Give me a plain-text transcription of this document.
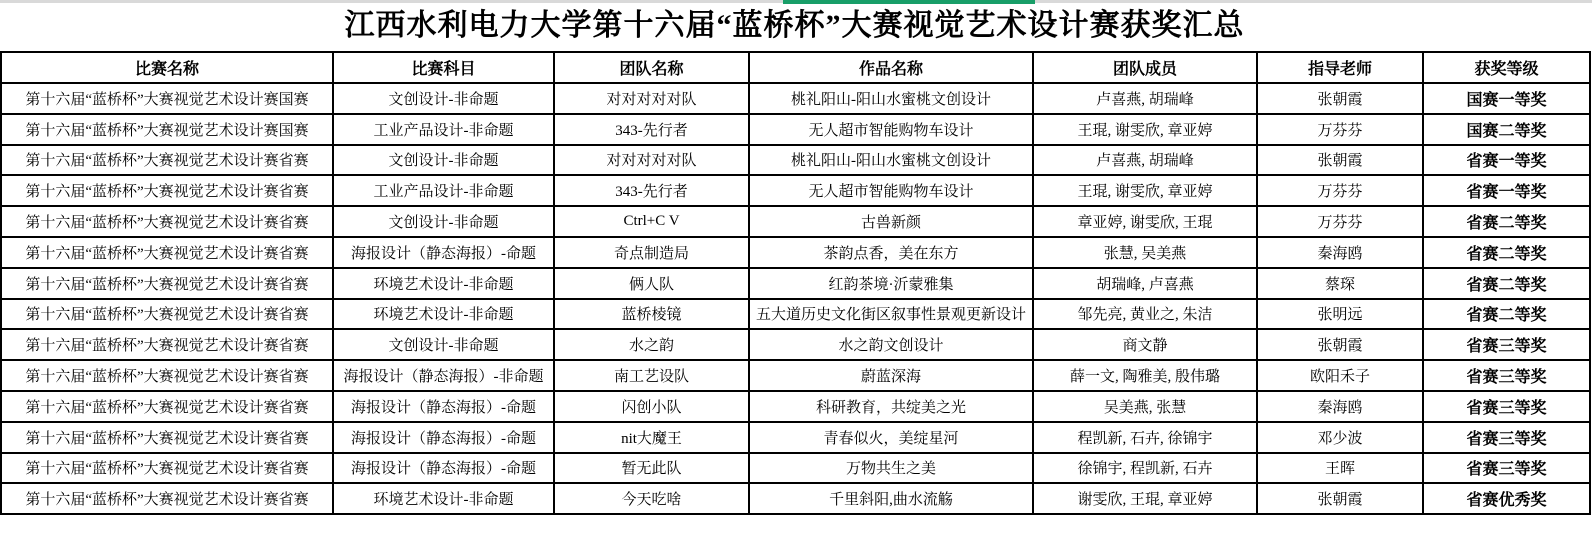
江西水利电力大学第十六届“蓝桥杯”大赛视觉艺术设计赛获奖汇总
比赛名称	比赛科目	团队名称	作品名称	团队成员	指导老师	获奖等级
第十六届“蓝桥杯”大赛视觉艺术设计赛国赛	文创设计-非命题	对对对对对队	桃礼阳山-阳山水蜜桃文创设计	卢喜燕, 胡瑞峰	张朝霞	国赛一等奖
第十六届“蓝桥杯”大赛视觉艺术设计赛国赛	工业产品设计-非命题	343-先行者	无人超市智能购物车设计	王琨, 谢雯欣, 章亚婷	万芬芬	国赛二等奖
第十六届“蓝桥杯”大赛视觉艺术设计赛省赛	文创设计-非命题	对对对对对队	桃礼阳山-阳山水蜜桃文创设计	卢喜燕, 胡瑞峰	张朝霞	省赛一等奖
第十六届“蓝桥杯”大赛视觉艺术设计赛省赛	工业产品设计-非命题	343-先行者	无人超市智能购物车设计	王琨, 谢雯欣, 章亚婷	万芬芬	省赛一等奖
第十六届“蓝桥杯”大赛视觉艺术设计赛省赛	文创设计-非命题	Ctrl+C V	古兽新颜	章亚婷, 谢雯欣, 王琨	万芬芬	省赛二等奖
第十六届“蓝桥杯”大赛视觉艺术设计赛省赛	海报设计（静态海报）-命题	奇点制造局	茶韵点香，美在东方	张慧, 吴美燕	秦海鸥	省赛二等奖
第十六届“蓝桥杯”大赛视觉艺术设计赛省赛	环境艺术设计-非命题	俩人队	红韵茶境·沂蒙雅集	胡瑞峰, 卢喜燕	蔡琛	省赛二等奖
第十六届“蓝桥杯”大赛视觉艺术设计赛省赛	环境艺术设计-非命题	蓝桥棱镜	五大道历史文化街区叙事性景观更新设计	邹先亮, 黄业之, 朱洁	张明远	省赛二等奖
第十六届“蓝桥杯”大赛视觉艺术设计赛省赛	文创设计-非命题	水之韵	水之韵文创设计	商文静	张朝霞	省赛三等奖
第十六届“蓝桥杯”大赛视觉艺术设计赛省赛	海报设计（静态海报）-非命题	南工艺设队	蔚蓝深海	薛一文, 陶雅美, 殷伟璐	欧阳禾子	省赛三等奖
第十六届“蓝桥杯”大赛视觉艺术设计赛省赛	海报设计（静态海报）-命题	闪创小队	科研教育，共绽美之光	吴美燕, 张慧	秦海鸥	省赛三等奖
第十六届“蓝桥杯”大赛视觉艺术设计赛省赛	海报设计（静态海报）-命题	nit大魔王	青春似火，美绽星河	程凯新, 石卉, 徐锦宇	邓少波	省赛三等奖
第十六届“蓝桥杯”大赛视觉艺术设计赛省赛	海报设计（静态海报）-命题	暂无此队	万物共生之美	徐锦宇, 程凯新, 石卉	王晖	省赛三等奖
第十六届“蓝桥杯”大赛视觉艺术设计赛省赛	环境艺术设计-非命题	今天吃啥	千里斜阳,曲水流觞	谢雯欣, 王琨, 章亚婷	张朝霞	省赛优秀奖
